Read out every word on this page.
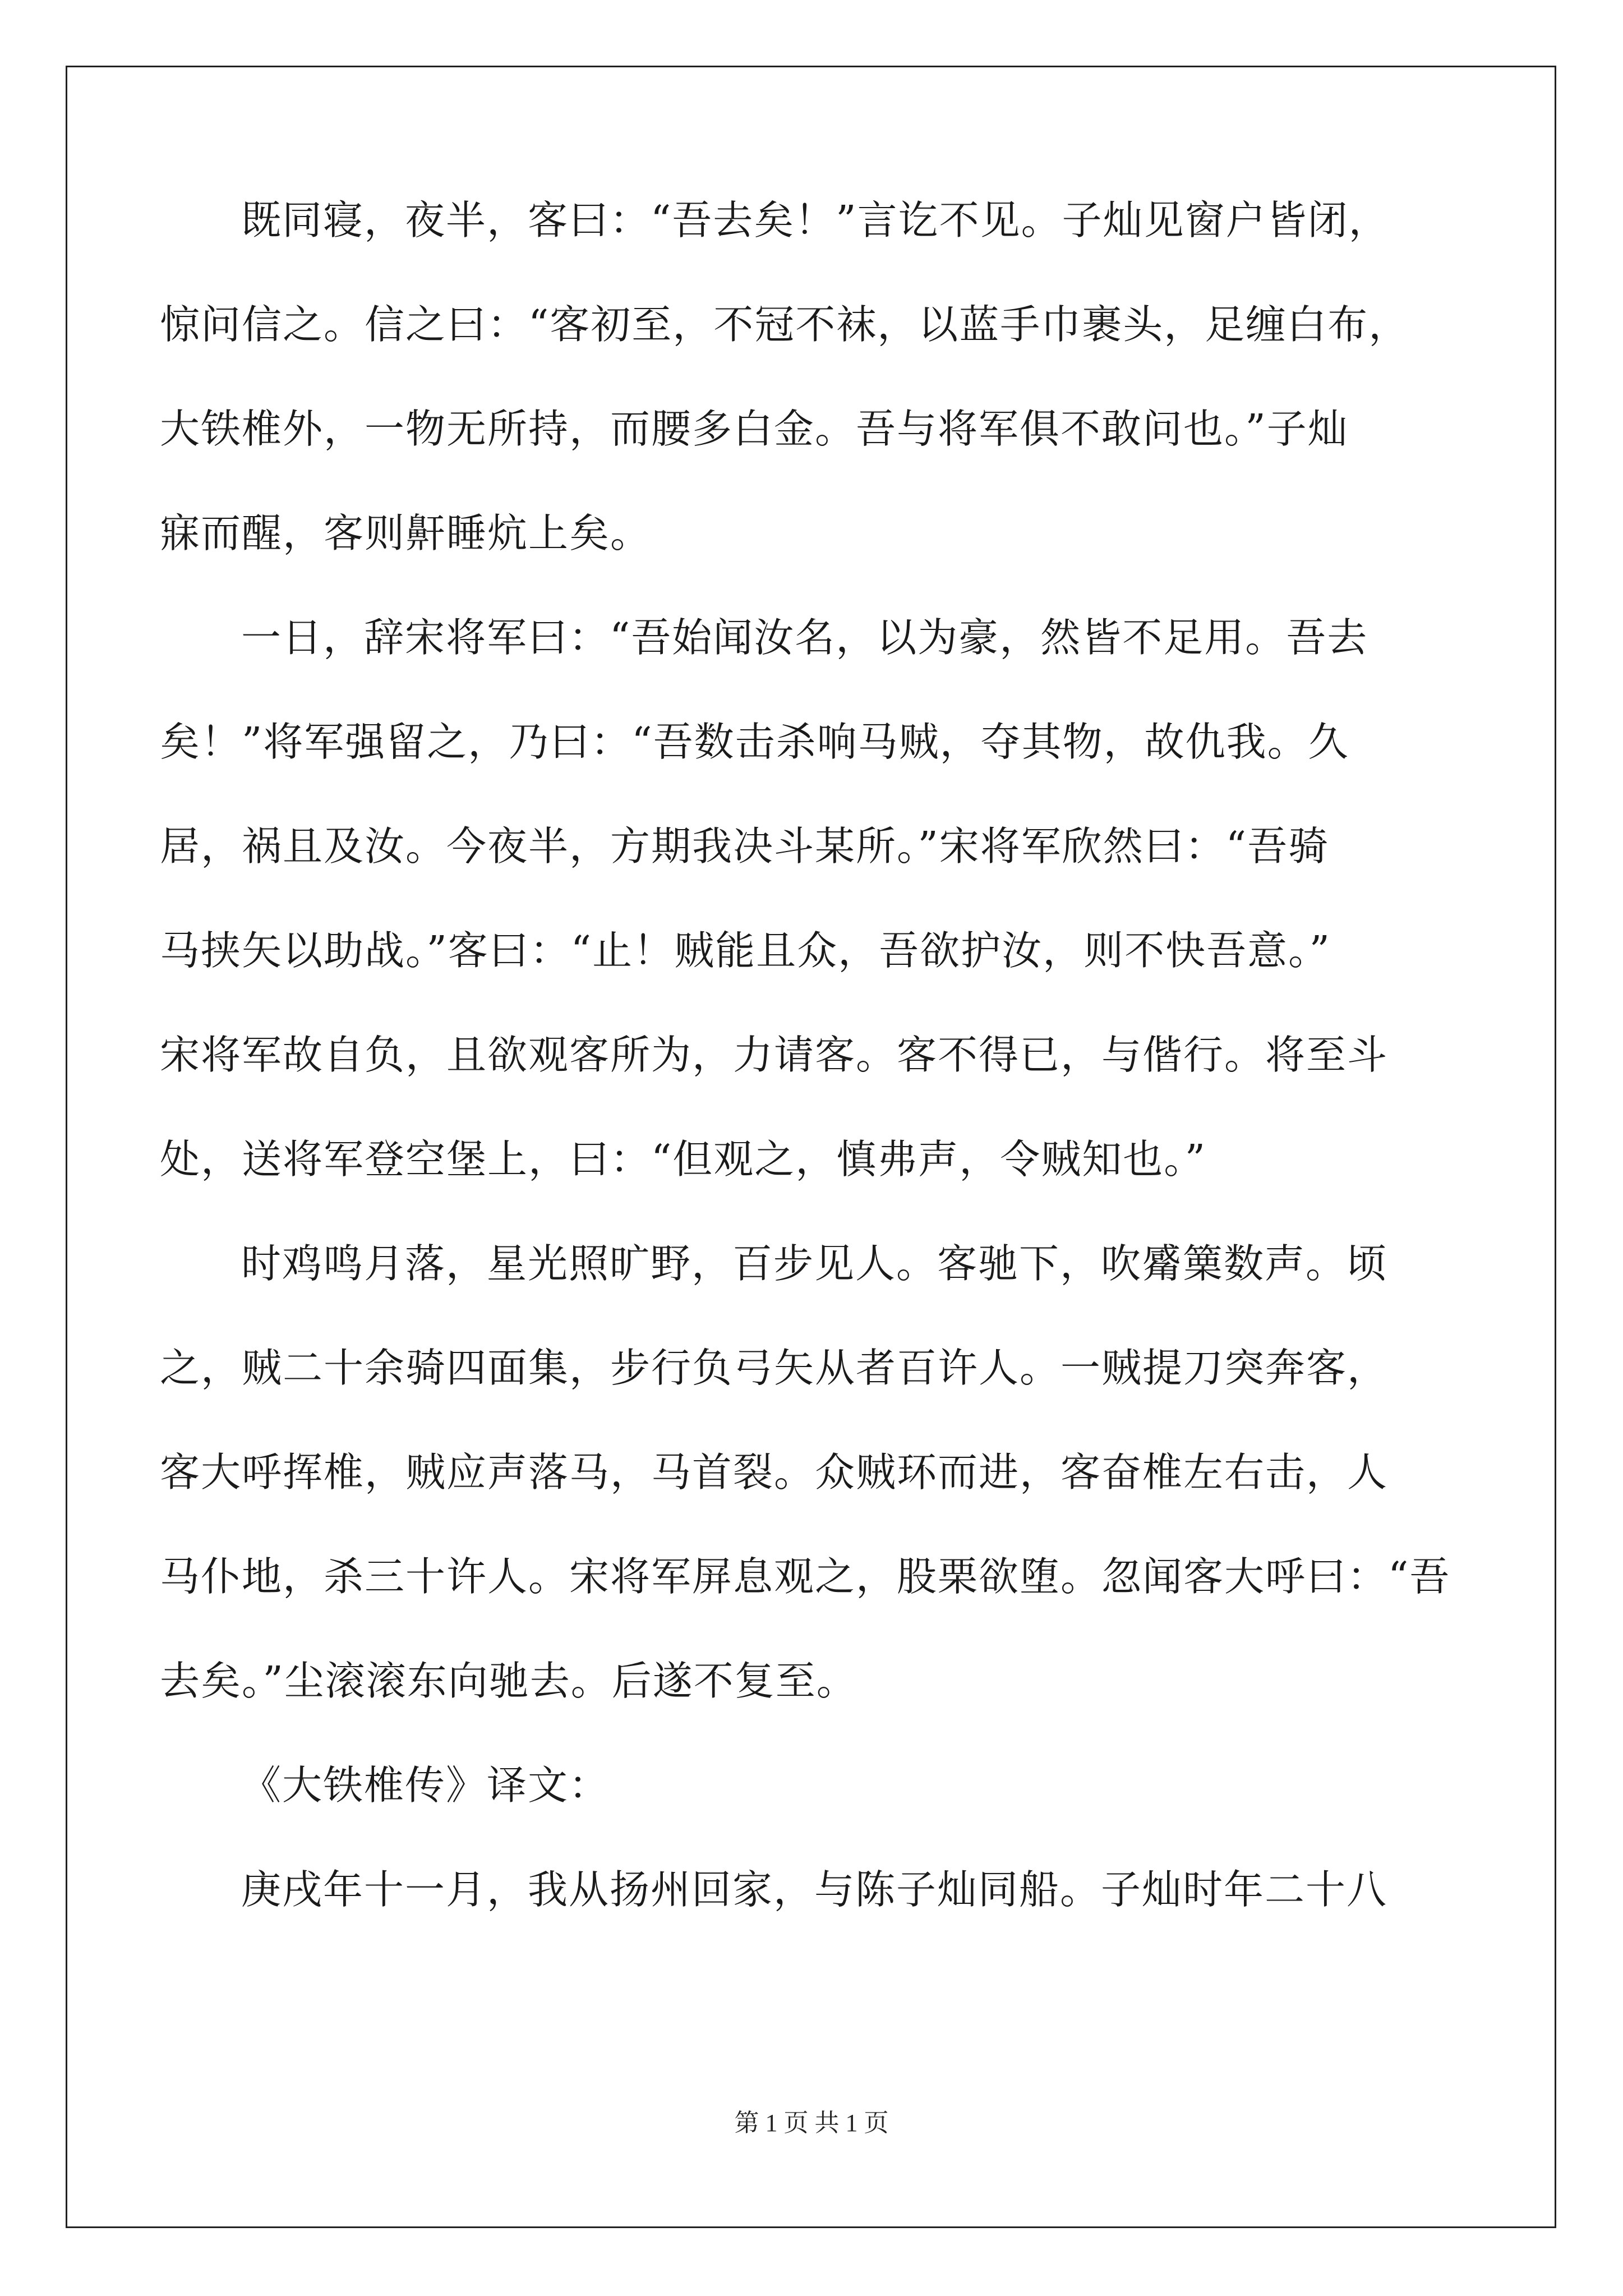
既同寝，夜半，客曰：“吾去矣！”言讫不见。子灿见窗户皆闭，
惊问信之。信之曰：“客初至，不冠不袜，以蓝手巾裹头，足缠白布，
大铁椎外，一物无所持，而腰多白金。吾与将军俱不敢问也。”子灿
寐而醒，客则鼾睡炕上矣。
一日，辞宋将军曰：“吾始闻汝名，以为豪，然皆不足用。吾去
矣！”将军强留之，乃曰：“吾数击杀响马贼，夺其物，故仇我。久
居，祸且及汝。今夜半，方期我决斗某所。”宋将军欣然曰：“吾骑
马挟矢以助战。”客曰：“止！贼能且众，吾欲护汝，则不快吾意。”
宋将军故自负，且欲观客所为，力请客。客不得已，与偕行。将至斗
处，送将军登空堡上，曰：“但观之，慎弗声，令贼知也。”
时鸡鸣月落，星光照旷野，百步见人。客驰下，吹觱篥数声。顷
之，贼二十余骑四面集，步行负弓矢从者百许人。一贼提刀突奔客，
客大呼挥椎，贼应声落马，马首裂。众贼环而进，客奋椎左右击，人
马仆地，杀三十许人。宋将军屏息观之，股栗欲堕。忽闻客大呼曰：“吾
去矣。”尘滚滚东向驰去。后遂不复至。
《大铁椎传》译文：
庚戌年十一月，我从扬州回家，与陈子灿同船。子灿时年二十八
第 1 页 共 1 页
